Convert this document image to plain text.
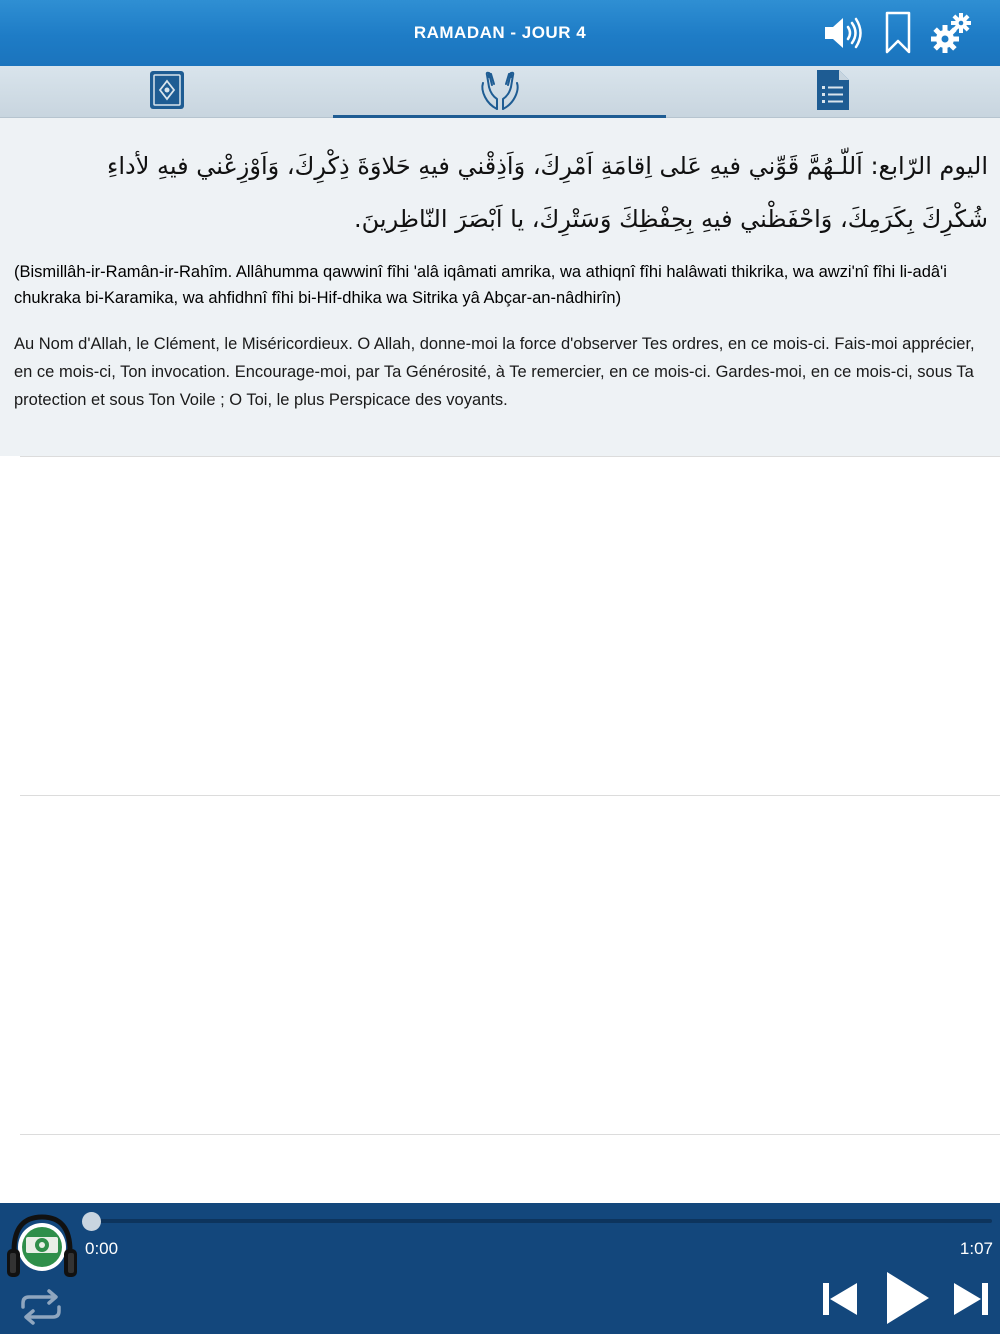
RAMADAN - JOUR 4
اليوم الرّابع: اَللّـهُمَّ قَوِّني فيهِ عَلى اِقامَةِ اَمْرِكَ، وَاَذِقْني فيهِ حَلاوَةَ ذِكْرِكَ، وَاَوْزِعْني فيهِ لأداءِ شُكْرِكَ بِكَرَمِكَ، وَاحْفَظْني فيهِ بِحِفْظِكَ وَسَتْرِكَ، يا اَبْصَرَ النّاظِرينَ.
(Bismillâh-ir-Ramân-ir-Rahîm. Allâhumma qawwinî fîhi 'alâ iqâmati amrika, wa athiqnî fîhi halâwati thikrika, wa awzi'nî fîhi li-adâ'i chukraka bi-Karamika, wa ahfidhnî fîhi bi-Hif-dhika wa Sitrika yâ Abçar-an-nâdhirîn)
Au Nom d'Allah, le Clément, le Miséricordieux. O Allah, donne-moi la force d'observer Tes ordres, en ce mois-ci. Fais-moi apprécier, en ce mois-ci, Ton invocation. Encourage-moi, par Ta Générosité, à Te remercier, en ce mois-ci. Gardes-moi, en ce mois-ci, sous Ta protection et sous Ton Voile ; O Toi, le plus Perspicace des voyants.
0:00	1:07
